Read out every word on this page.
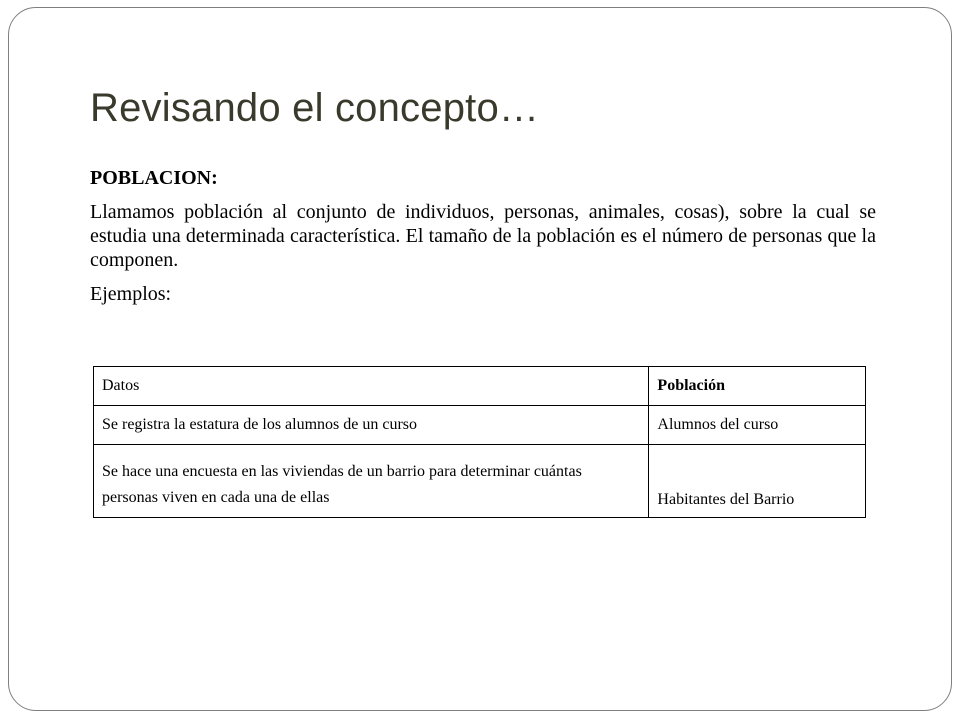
Revisando el concepto…

POBLACION:

Llamamos población al conjunto de individuos, personas, animales, cosas), sobre la cual se estudia una determinada característica. El tamaño de la población es el número de personas que la componen.

Ejemplos:

Datos	Población
Se registra la estatura de los alumnos de un curso	Alumnos del curso
Se hace una encuesta en las viviendas de un barrio para determinar cuántas personas viven en cada una de ellas	Habitantes del Barrio
